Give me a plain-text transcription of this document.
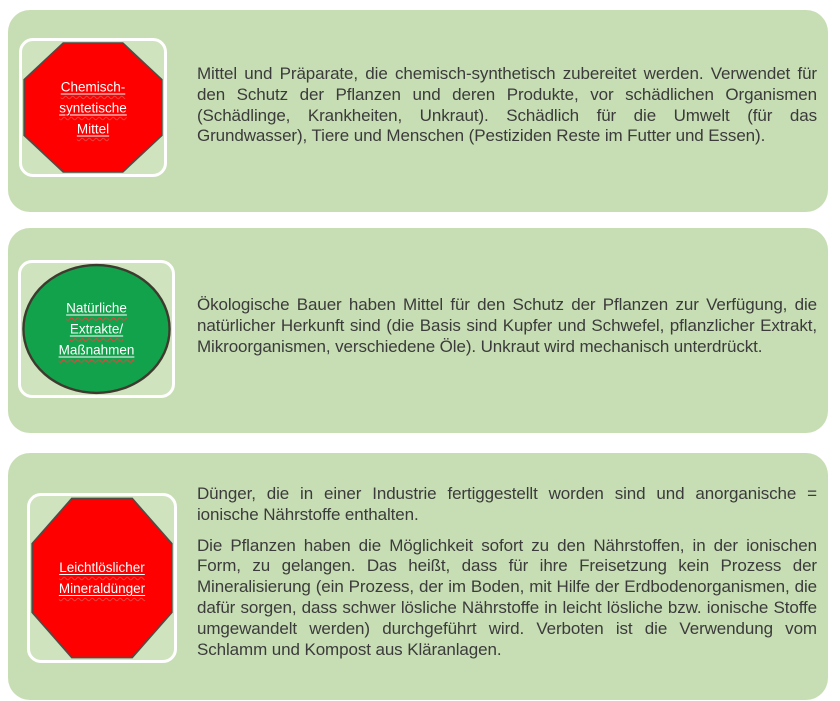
Chemisch-
syntetische
Mittel

Mittel und Präparate, die chemisch-synthetisch zubereitet werden. Verwendet für den Schutz der Pflanzen und deren Produkte, vor schädlichen Organismen (Schädlinge, Krankheiten, Unkraut). Schädlich für die Umwelt (für das Grundwasser), Tiere und Menschen (Pestiziden Reste im Futter und Essen).

Natürliche
Extrakte/
Maßnahmen

Ökologische Bauer haben Mittel für den Schutz der Pflanzen zur Verfügung, die natürlicher Herkunft sind (die Basis sind Kupfer und Schwefel, pflanzlicher Extrakt, Mikroorganismen, verschiedene Öle). Unkraut wird mechanisch unterdrückt.

Leichtlöslicher
Mineraldünger

Dünger, die in einer Industrie fertiggestellt worden sind und anorganische = ionische Nährstoffe enthalten.

Die Pflanzen haben die Möglichkeit sofort zu den Nährstoffen, in der ionischen Form, zu gelangen. Das heißt, dass für ihre Freisetzung kein Prozess der Mineralisierung (ein Prozess, der im Boden, mit Hilfe der Erdbodenorganismen, die dafür sorgen, dass schwer lösliche Nährstoffe in leicht lösliche bzw. ionische Stoffe umgewandelt werden) durchgeführt wird. Verboten ist die Verwendung vom Schlamm und Kompost aus Kläranlagen.
